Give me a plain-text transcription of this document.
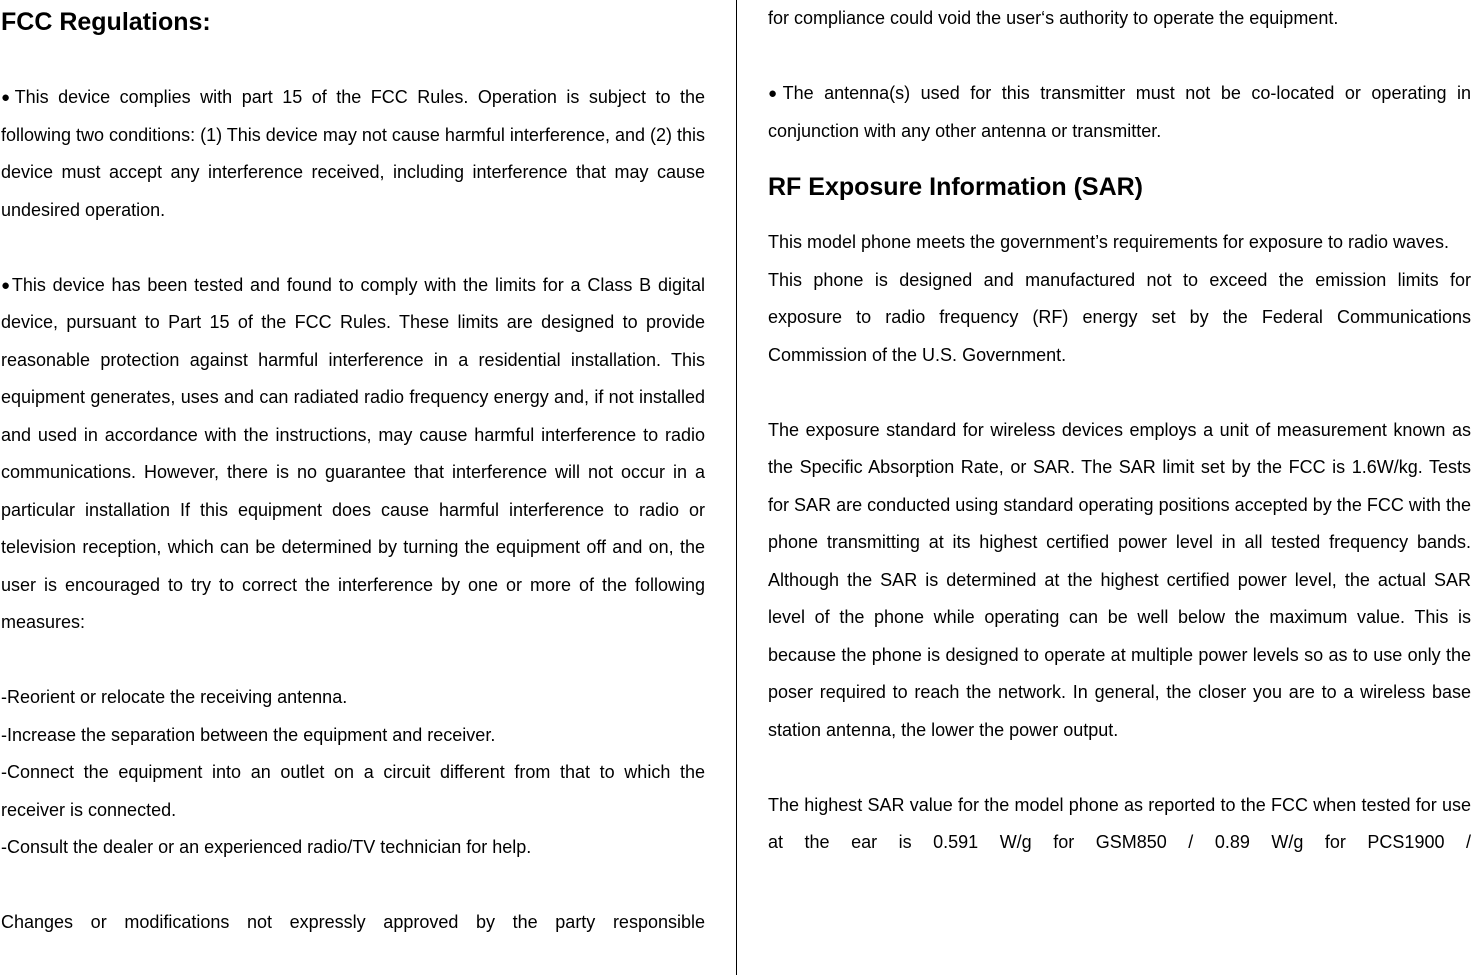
FCC Regulations:

● This device complies with part 15 of the FCC Rules. Operation is subject to the following two conditions: (1) This device may not cause harmful interference, and (2) this device must accept any interference received, including interference that may cause undesired operation.

● This device has been tested and found to comply with the limits for a Class B digital device, pursuant to Part 15 of the FCC Rules. These limits are designed to provide reasonable protection against harmful interference in a residential installation. This equipment generates, uses and can radiated radio frequency energy and, if not installed and used in accordance with the instructions, may cause harmful interference to radio communications. However, there is no guarantee that interference will not occur in a particular installation If this equipment does cause harmful interference to radio or television reception, which can be determined by turning the equipment off and on, the user is encouraged to try to correct the interference by one or more of the following measures:

-Reorient or relocate the receiving antenna.

-Increase the separation between the equipment and receiver.

-Connect the equipment into an outlet on a circuit different from that to which the receiver is connected.

-Consult the dealer or an experienced radio/TV technician for help.

Changes or modifications not expressly approved by the party responsible

for compliance could void the user‘s authority to operate the equipment.

● The antenna(s) used for this transmitter must not be co-located or operating in conjunction with any other antenna or transmitter.

RF Exposure Information (SAR)

This model phone meets the government’s requirements for exposure to radio waves.

This phone is designed and manufactured not to exceed the emission limits for exposure to radio frequency (RF) energy set by the Federal Communications Commission of the U.S. Government.

The exposure standard for wireless devices employs a unit of measurement known as the Specific Absorption Rate, or SAR. The SAR limit set by the FCC is 1.6W/kg. Tests for SAR are conducted using standard operating positions accepted by the FCC with the phone transmitting at its highest certified power level in all tested frequency bands. Although the SAR is determined at the highest certified power level, the actual SAR level of the phone while operating can be well below the maximum value. This is because the phone is designed to operate at multiple power levels so as to use only the poser required to reach the network. In general, the closer you are to a wireless base station antenna, the lower the power output.

The highest SAR value for the model phone as reported to the FCC when tested for use at the ear is 0.591 W/g for GSM850 / 0.89 W/g for PCS1900 /
